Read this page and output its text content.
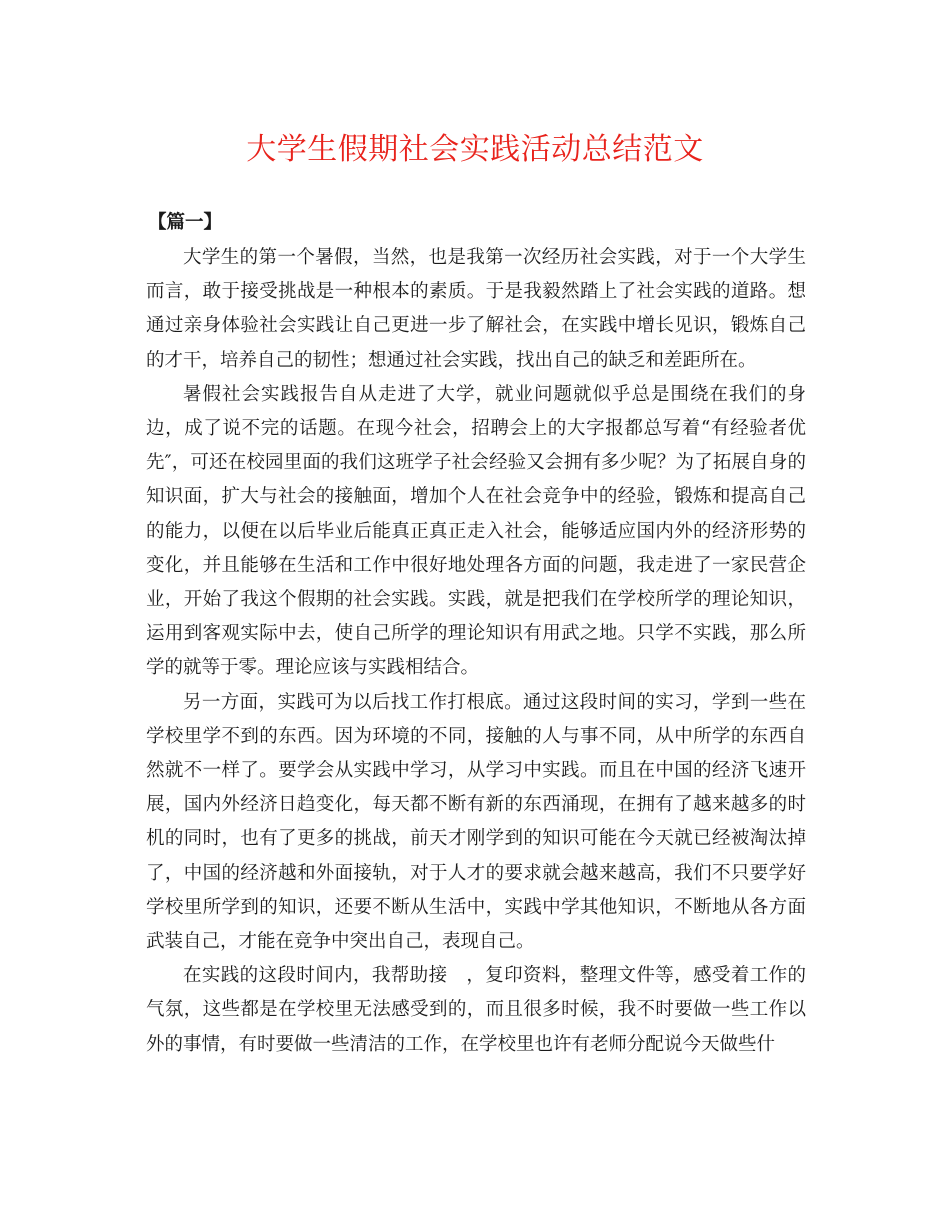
大学生假期社会实践活动总结范文
【篇一】

大学生的第一个暑假，当然，也是我第一次经历社会实践，对于一个大学生而言，敢于接受挑战是一种根本的素质。于是我毅然踏上了社会实践的道路。想通过亲身体验社会实践让自己更进一步了解社会，在实践中增长见识，锻炼自己的才干，培养自己的韧性；想通过社会实践，找出自己的缺乏和差距所在。

暑假社会实践报告自从走进了大学，就业问题就似乎总是围绕在我们的身边，成了说不完的话题。在现今社会，招聘会上的大字报都总写着“有经验者优先″，可还在校园里面的我们这班学子社会经验又会拥有多少呢？为了拓展自身的知识面，扩大与社会的接触面，增加个人在社会竞争中的经验，锻炼和提高自己的能力，以便在以后毕业后能真正真正走入社会，能够适应国内外的经济形势的变化，并且能够在生活和工作中很好地处理各方面的问题，我走进了一家民营企业，开始了我这个假期的社会实践。实践，就是把我们在学校所学的理论知识，运用到客观实际中去，使自己所学的理论知识有用武之地。只学不实践，那么所学的就等于零。理论应该与实践相结合。

另一方面，实践可为以后找工作打根底。通过这段时间的实习，学到一些在学校里学不到的东西。因为环境的不同，接触的人与事不同，从中所学的东西自然就不一样了。要学会从实践中学习，从学习中实践。而且在中国的经济飞速开展，国内外经济日趋变化，每天都不断有新的东西涌现，在拥有了越来越多的时机的同时，也有了更多的挑战，前天才刚学到的知识可能在今天就已经被淘汰掉了，中国的经济越和外面接轨，对于人才的要求就会越来越高，我们不只要学好学校里所学到的知识，还要不断从生活中，实践中学其他知识，不断地从各方面武装自己，才能在竞争中突出自己，表现自己。

在实践的这段时间内，我帮助接　，复印资料，整理文件等，感受着工作的气氛，这些都是在学校里无法感受到的，而且很多时候，我不时要做一些工作以外的事情，有时要做一些清洁的工作，在学校里也许有老师分配说今天做些什
